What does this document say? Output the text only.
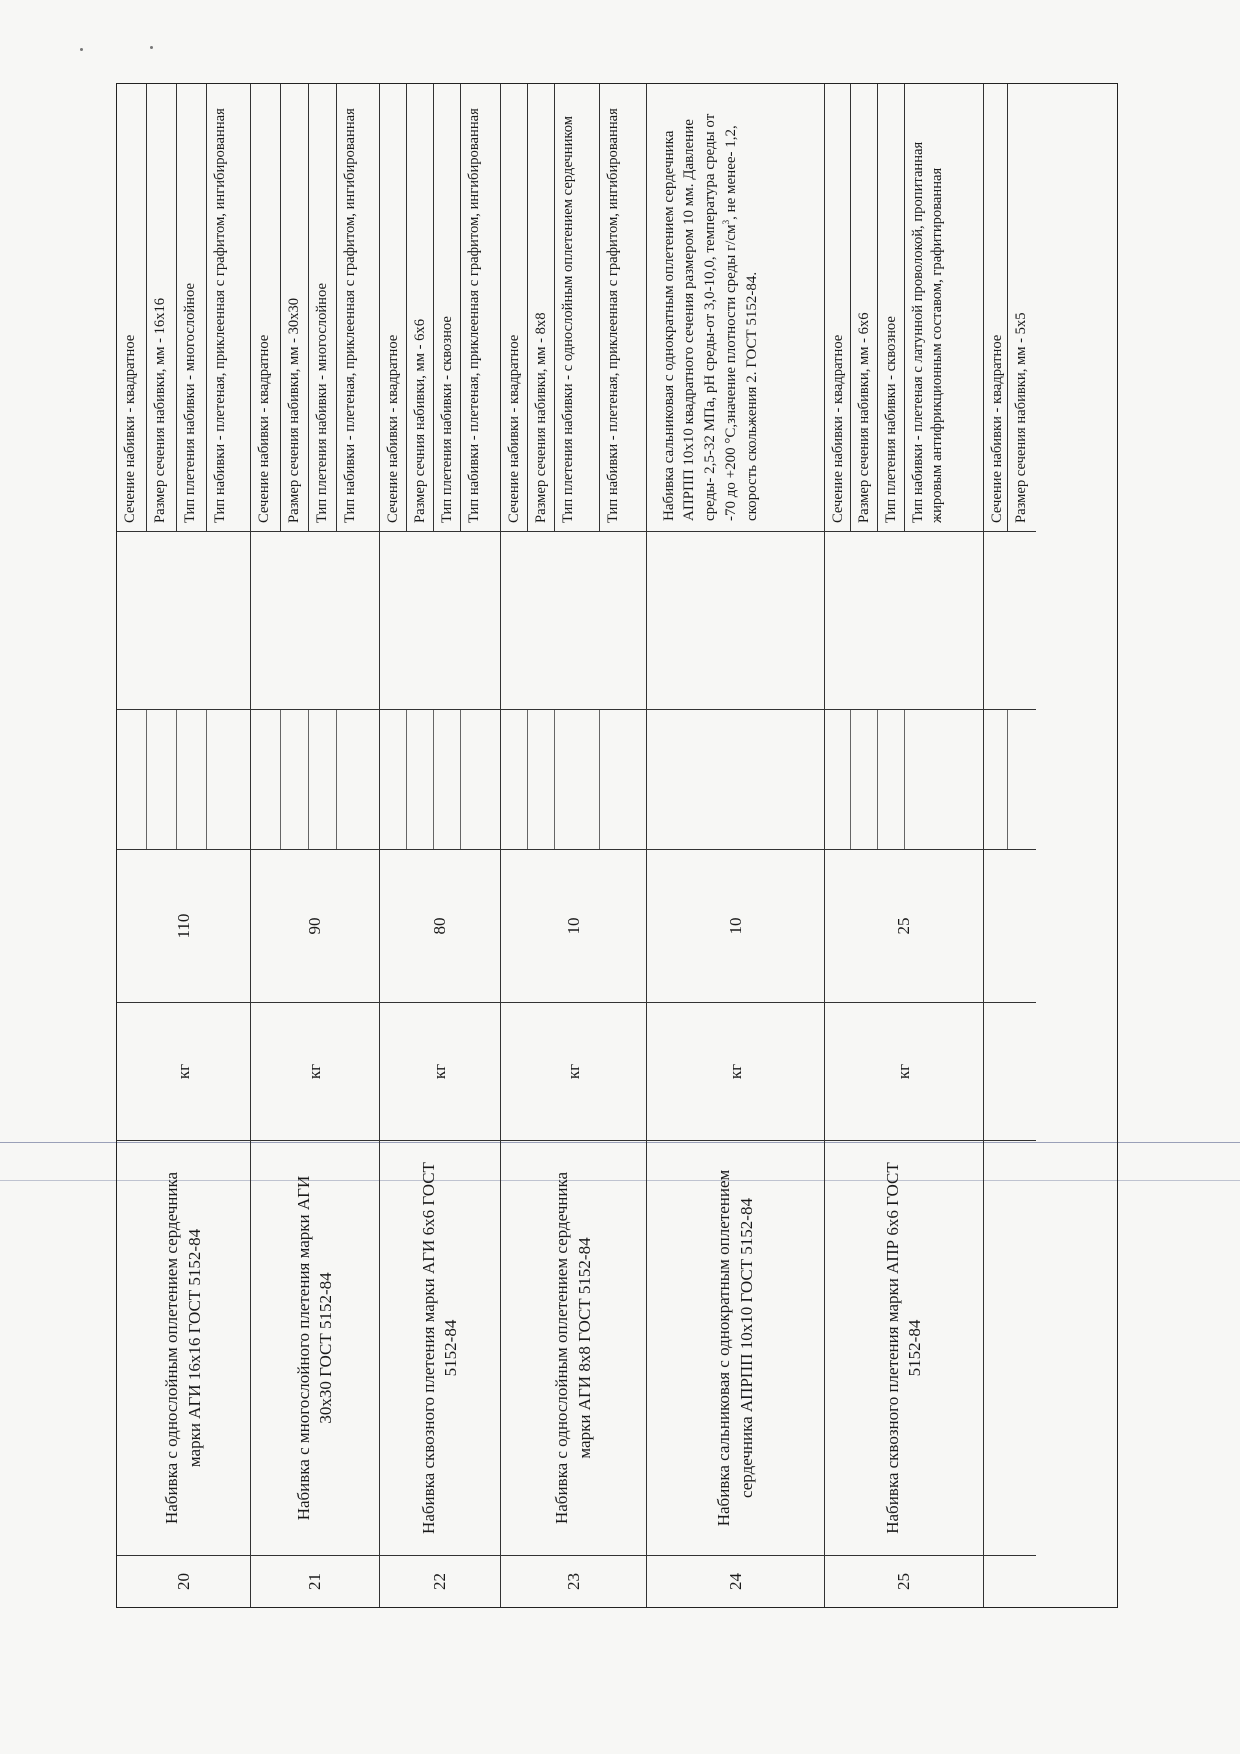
20
Набивка с однослойным оплетением сердечника марки АГИ 16х16 ГОСТ 5152-84
кг
110
Сечение набивки - квадратное Размер сечения набивки, мм - 16х16 Тип плетения набивки - многослойное Тип набивки - плетеная, приклеенная с графитом, ингибированная
21
Набивка с многослойного плетения марки АГИ 30х30 ГОСТ 5152-84
кг
90
Сечение набивки - квадратное Размер сечения набивки, мм - 30х30 Тип плетения набивки - многослойное Тип набивки - плетеная, приклеенная с графитом, ингибированная
22
Набивка сквозного плетения марки АГИ 6х6 ГОСТ 5152-84
кг
80
Сечение набивки - квадратное Размер сечния набивки, мм - 6х6 Тип плетения набивки - сквозное Тип набивки - плетеная, приклеенная с графитом, ингибированная
23
Набивка с однослойным оплетением сердечника марки АГИ 8х8 ГОСТ 5152-84
кг
10
Сечение набивки - квадратное Размер сечения набивки, мм - 8х8 Тип плетения набивки - с однослойным оплетением сердечником	Тип набивки - плетеная, приклеенная с графитом, ингибированная
24
Набивка сальниковая с однократным оплетением сердечника АПРПП 10х10 ГОСТ 5152-84
кг
10
Набивка сальниковая с однократным оплетением сердечника АПРПП 10х10 квадратного сечения размером 10 мм. Давление среды- 2,5-32 МПа, pH среды-от 3,0-10,0, температура среды от -70 до +200 °С,значение плотности среды $г/см^3$, не менее- 1,2, скорость скольжения 2. ГОСТ 5152-84.
25
Набивка сквозного плетения марки АПР 6х6 ГОСТ 5152-84
кг
25
Сечение набивки - квадратное Размер сечения набивки, мм - 6х6 Тип плетения набивки - сквозное Тип набивки - плетеная с латунной проволокой, пропитанная жировым антифрикционным составом, графитированная	Сечение набивки - квадратное Размер сечения набивки, мм - 5х5
